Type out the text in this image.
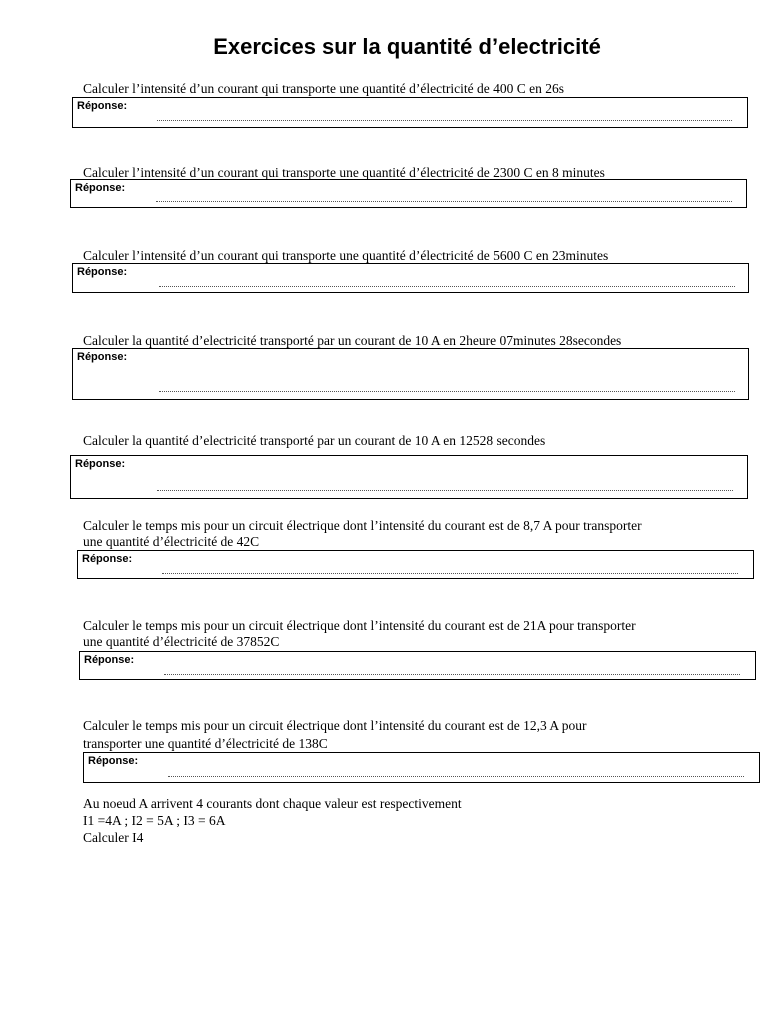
Exercices sur la quantité d’electricité

Calculer l’intensité d’un courant qui transporte une quantité d’électricité de 400 C en 26s

Réponse:

Calculer l’intensité d’un courant qui transporte une quantité d’électricité de 2300 C en 8 minutes

Réponse:

Calculer l’intensité d’un courant qui transporte une quantité d’électricité de 5600 C en 23minutes

Réponse:

Calculer la quantité d’electricité transporté par un courant de 10 A en 2heure 07minutes 28secondes

Réponse:

Calculer la quantité d’electricité transporté par un courant de 10 A en 12528 secondes

Réponse:

Calculer le temps mis pour un circuit électrique dont l’intensité du courant est de 8,7 A pour transporter

une quantité d’électricité de 42C

Réponse:

Calculer le temps mis pour un circuit électrique dont l’intensité du courant est de 21A pour transporter

une quantité d’électricité de 37852C

Réponse:

Calculer le temps mis pour un circuit électrique dont l’intensité du courant est de 12,3 A pour

transporter une quantité d’électricité de 138C

Réponse:

Au noeud A arrivent 4 courants dont chaque valeur est respectivement

I1 =4A ; I2 = 5A ; I3 = 6A

Calculer I4
